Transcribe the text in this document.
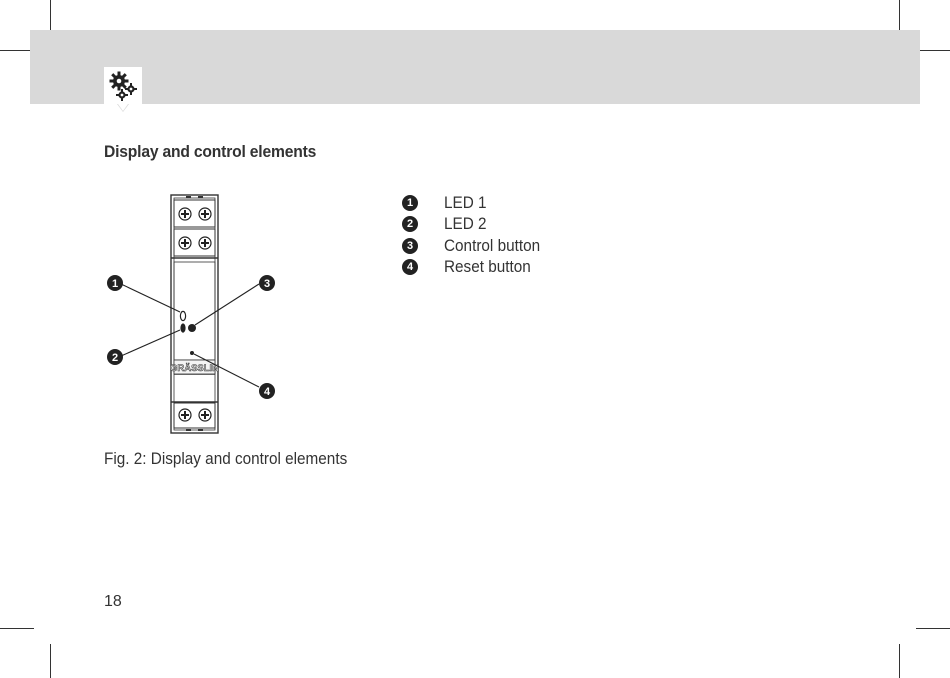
Display and control elements
GRÄSSLIN
1
2
3
4
1 LED 1
2 LED 2
3 Control button
4 Reset button
Fig. 2: Display and control elements
18
